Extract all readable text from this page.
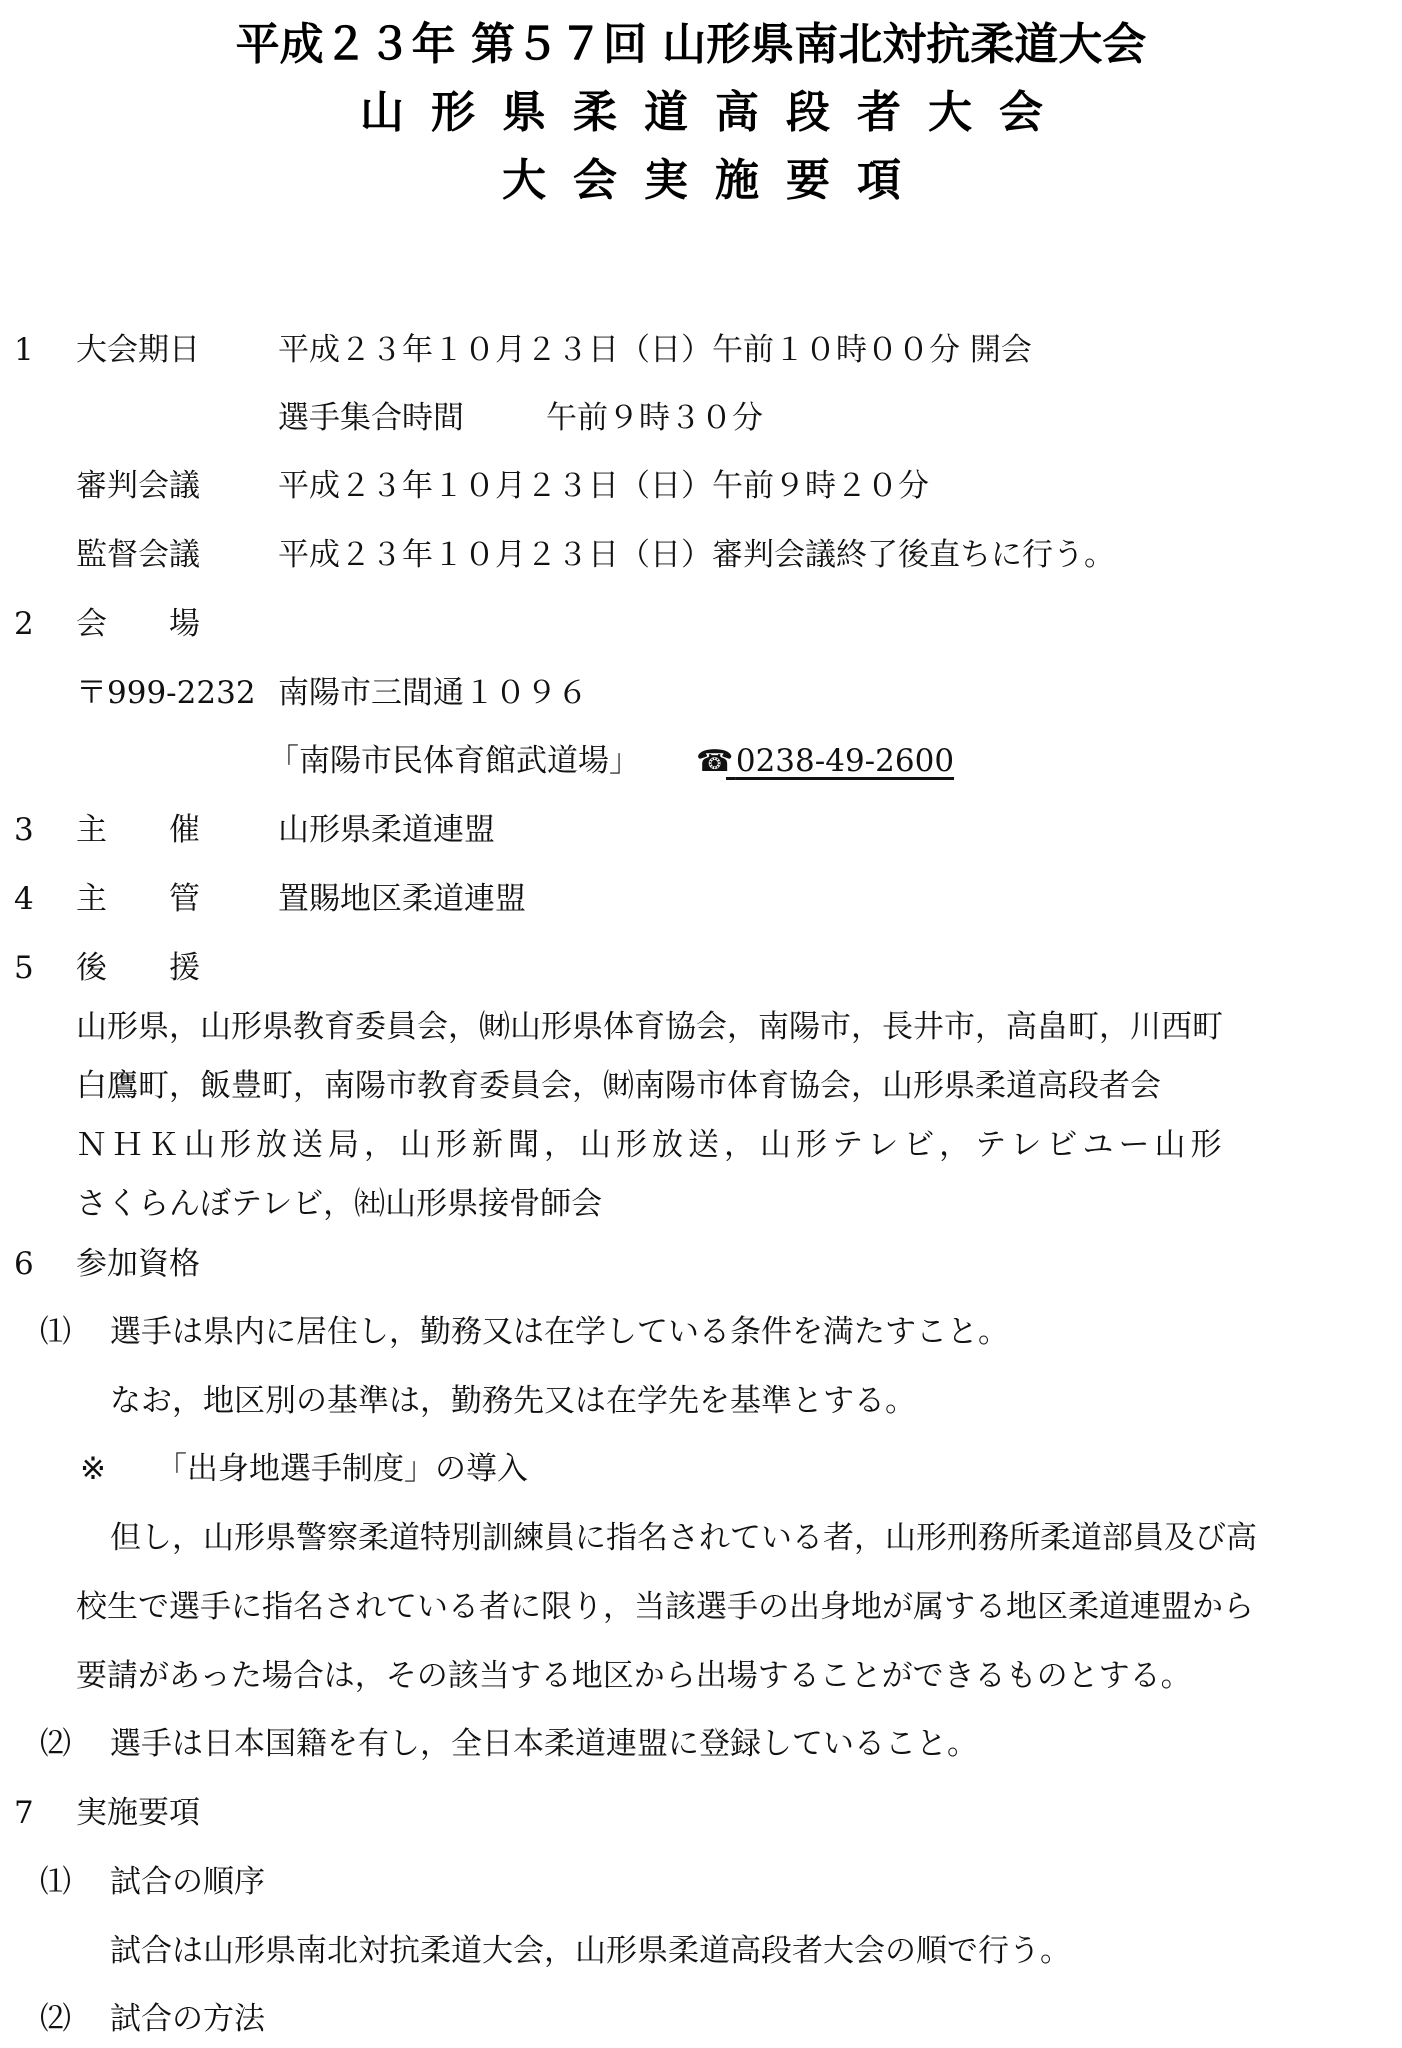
平成２３年 第５７回 山形県南北対抗柔道大会
山形県柔道高段者大会
大会実施要項
1 大会期日	平成２３年１０月２３日（日）午前１０時００分 開会
選手集合時間	午前９時３０分
審判会議	平成２３年１０月２３日（日）午前９時２０分
監督会議	平成２３年１０月２３日（日）審判会議終了後直ちに行う。
2 会　　場
〒999-2232 南陽市三間通１０９６
「南陽市民体育館武道場」 ☎ 0238-49-2600
3 主　　催	山形県柔道連盟
4 主　　管	置賜地区柔道連盟
5 後　　援
山形県，山形県教育委員会，㈶山形県体育協会，南陽市，長井市，高畠町，川西町
白鷹町，飯豊町，南陽市教育委員会，㈶南陽市体育協会，山形県柔道高段者会
ＮＨＫ山形放送局，山形新聞，山形放送，山形テレビ，テレビユー山形
さくらんぼテレビ，㈳山形県接骨師会
6 参加資格
⑴ 選手は県内に居住し，勤務又は在学している条件を満たすこと。
なお，地区別の基準は，勤務先又は在学先を基準とする。
※ 「出身地選手制度」の導入
但し，山形県警察柔道特別訓練員に指名されている者，山形刑務所柔道部員及び高
校生で選手に指名されている者に限り，当該選手の出身地が属する地区柔道連盟から
要請があった場合は，その該当する地区から出場することができるものとする。
⑵ 選手は日本国籍を有し，全日本柔道連盟に登録していること。
7 実施要項
⑴ 試合の順序
試合は山形県南北対抗柔道大会，山形県柔道高段者大会の順で行う。
⑵ 試合の方法
